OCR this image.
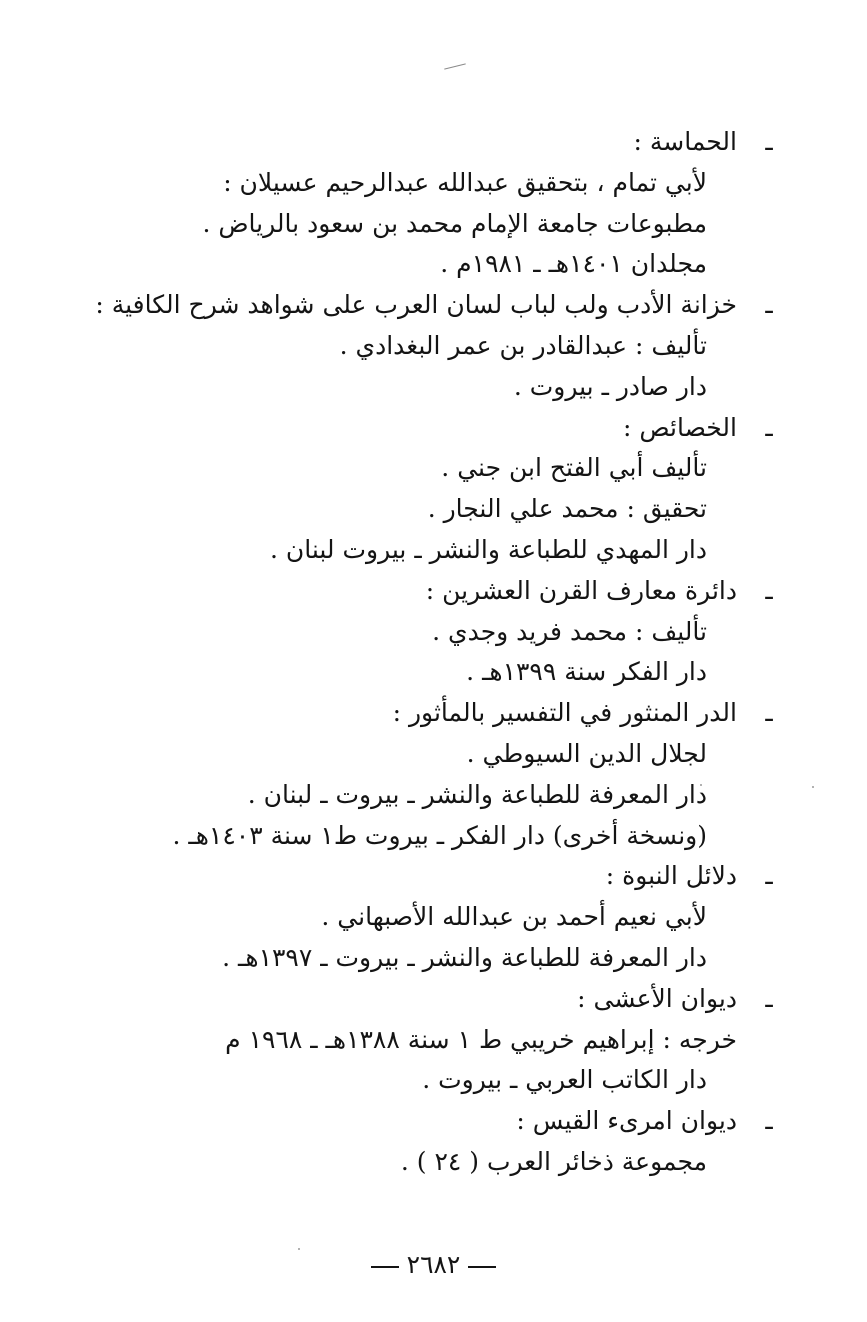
ـ
الحماسة :
لأبي تمام ، بتحقيق عبدالله عبدالرحيم عسيلان :
مطبوعات جامعة الإمام محمد بن سعود بالرياض .
مجلدان ١٤٠١هـ ـ ١٩٨١م .
ـ
خزانة الأدب ولب لباب لسان العرب على شواهد شرح الكافية :
تأليف : عبدالقادر بن عمر البغدادي .
دار صادر ـ بيروت .
ـ
الخصائص :
تأليف أبي الفتح ابن جني .
تحقيق : محمد علي النجار .
دار المهدي للطباعة والنشر ـ بيروت لبنان .
ـ
دائرة معارف القرن العشرين :
تأليف : محمد فريد وجدي .
دار الفكر سنة ١٣٩٩هـ .
ـ
الدر المنثور في التفسير بالمأثور :
لجلال الدين السيوطي .
دار المعرفة للطباعة والنشر ـ بيروت ـ لبنان .
(ونسخة أخرى) دار الفكر ـ بيروت ط١ سنة ١٤٠٣هـ .
ـ
دلائل النبوة :
لأبي نعيم أحمد بن عبدالله الأصبهاني .
دار المعرفة للطباعة والنشر ـ بيروت ـ ١٣٩٧هـ .
ـ
ديوان الأعشى :
خرجه : إبراهيم خريبي ط ١ سنة ١٣٨٨هـ ـ ١٩٦٨ م
دار الكاتب العربي ـ بيروت .
ـ
ديوان امرىء القيس :
مجموعة ذخائر العرب ( ٢٤ ) .
٢٦٨٢
